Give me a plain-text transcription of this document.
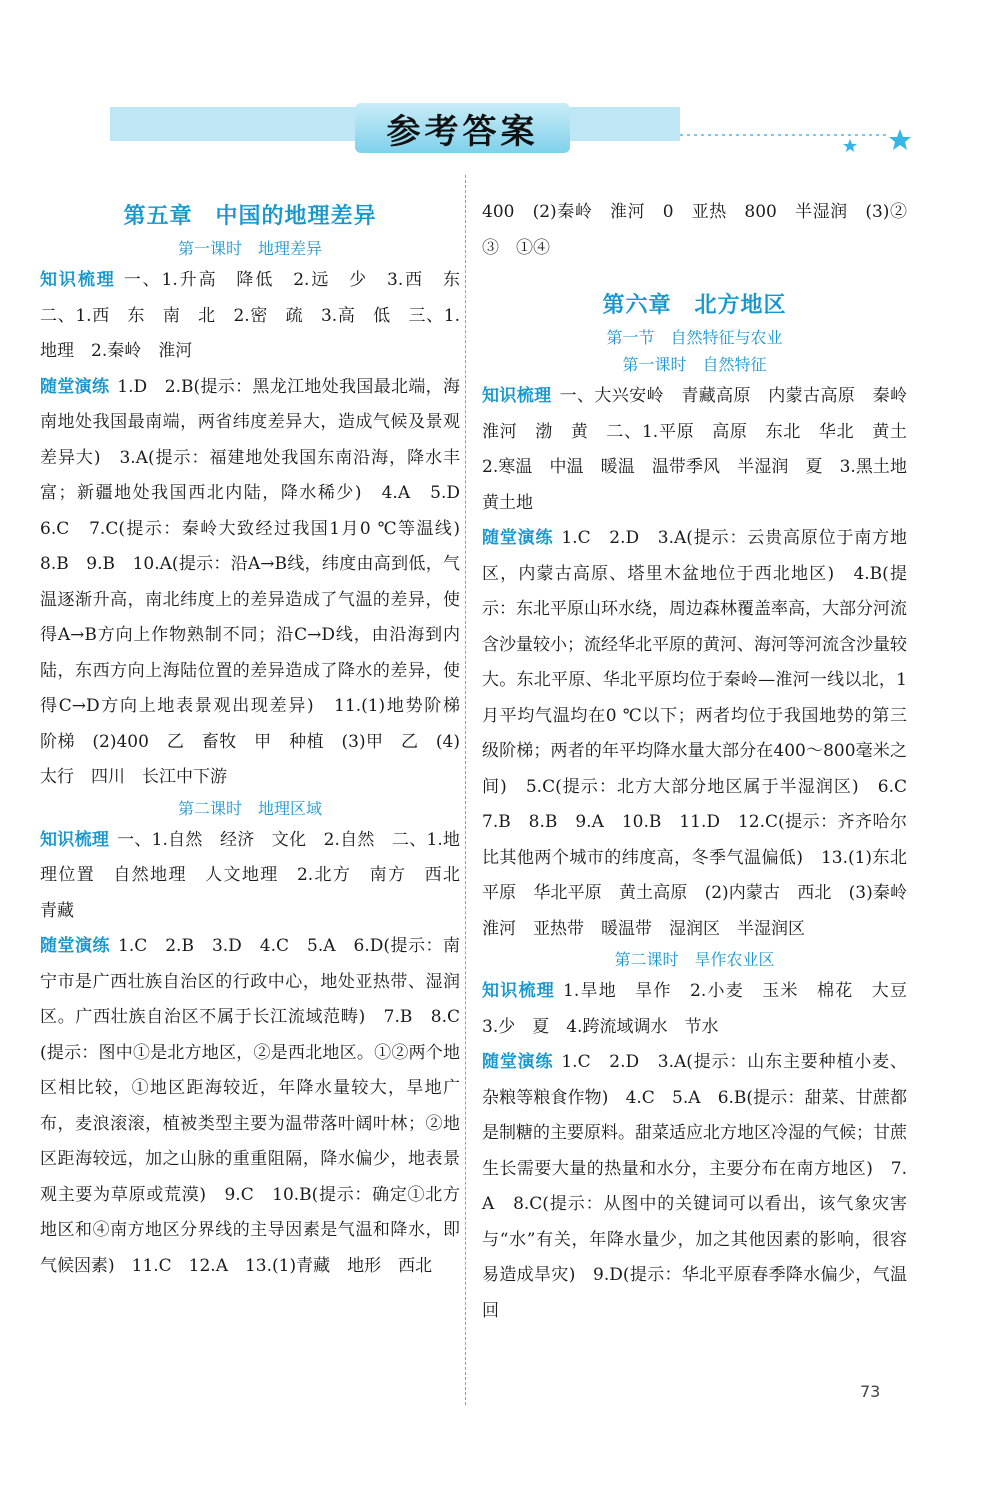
参考答案
第五章　中国的地理差异
第一课时　地理差异

知识梳理 一、1.升高　降低　2.远　少　3.西　东　二、1.西　东　南　北　2.密　疏　3.高　低　三、1.地理　2.秦岭　淮河

随堂演练 1.D　2.B(提示：黑龙江地处我国最北端，海南地处我国最南端，两省纬度差异大，造成气候及景观差异大)　3.A(提示：福建地处我国东南沿海，降水丰富；新疆地处我国西北内陆，降水稀少)　4.A　5.D　6.C　7.C(提示：秦岭大致经过我国1月0 ℃等温线)　8.B　9.B　10.A(提示：沿A→B线，纬度由高到低，气温逐渐升高，南北纬度上的差异造成了气温的差异，使得A→B方向上作物熟制不同；沿C→D线，由沿海到内陆，东西方向上海陆位置的差异造成了降水的差异，使得C→D方向上地表景观出现差异)　11.(1)地势阶梯　阶梯　(2)400　乙　畜牧　甲　种植　(3)甲　乙　(4)太行　四川　长江中下游

第二课时　地理区域

知识梳理 一、1.自然　经济　文化　2.自然　二、1.地理位置　自然地理　人文地理　2.北方　南方　西北　青藏

随堂演练 1.C　2.B　3.D　4.C　5.A　6.D(提示：南宁市是广西壮族自治区的行政中心，地处亚热带、湿润区。广西壮族自治区不属于长江流域范畴)　7.B　8.C(提示：图中①是北方地区，②是西北地区。①②两个地区相比较，①地区距海较近，年降水量较大，旱地广布，麦浪滚滚，植被类型主要为温带落叶阔叶林；②地区距海较远，加之山脉的重重阻隔，降水偏少，地表景观主要为草原或荒漠)　9.C　10.B(提示：确定①北方地区和④南方地区分界线的主导因素是气温和降水，即气候因素)　11.C　12.A　13.(1)青藏　地形　西北

400　(2)秦岭　淮河　0　亚热　800　半湿润　(3)②③　①④

第六章　北方地区
第一节　自然特征与农业
第一课时　自然特征

知识梳理 一、大兴安岭　青藏高原　内蒙古高原　秦岭　淮河　渤　黄　二、1.平原　高原　东北　华北　黄土　2.寒温　中温　暖温　温带季风　半湿润　夏　3.黑土地　黄土地

随堂演练 1.C　2.D　3.A(提示：云贵高原位于南方地区，内蒙古高原、塔里木盆地位于西北地区)　4.B(提示：东北平原山环水绕，周边森林覆盖率高，大部分河流含沙量较小；流经华北平原的黄河、海河等河流含沙量较大。东北平原、华北平原均位于秦岭—淮河一线以北，1月平均气温均在0 ℃以下；两者均位于我国地势的第三级阶梯；两者的年平均降水量大部分在400～800毫米之间)　5.C(提示：北方大部分地区属于半湿润区)　6.C　7.B　8.B　9.A　10.B　11.D　12.C(提示：齐齐哈尔比其他两个城市的纬度高，冬季气温偏低)　13.(1)东北平原　华北平原　黄土高原　(2)内蒙古　西北　(3)秦岭　淮河　亚热带　暖温带　湿润区　半湿润区

第二课时　旱作农业区

知识梳理 1.旱地　旱作　2.小麦　玉米　棉花　大豆　3.少　夏　4.跨流域调水　节水

随堂演练 1.C　2.D　3.A(提示：山东主要种植小麦、杂粮等粮食作物)　4.C　5.A　6.B(提示：甜菜、甘蔗都是制糖的主要原料。甜菜适应北方地区冷湿的气候；甘蔗生长需要大量的热量和水分，主要分布在南方地区)　7.A　8.C(提示：从图中的关键词可以看出，该气象灾害与“水”有关，年降水量少，加之其他因素的影响，很容易造成旱灾)　9.D(提示：华北平原春季降水偏少，气温回

73
